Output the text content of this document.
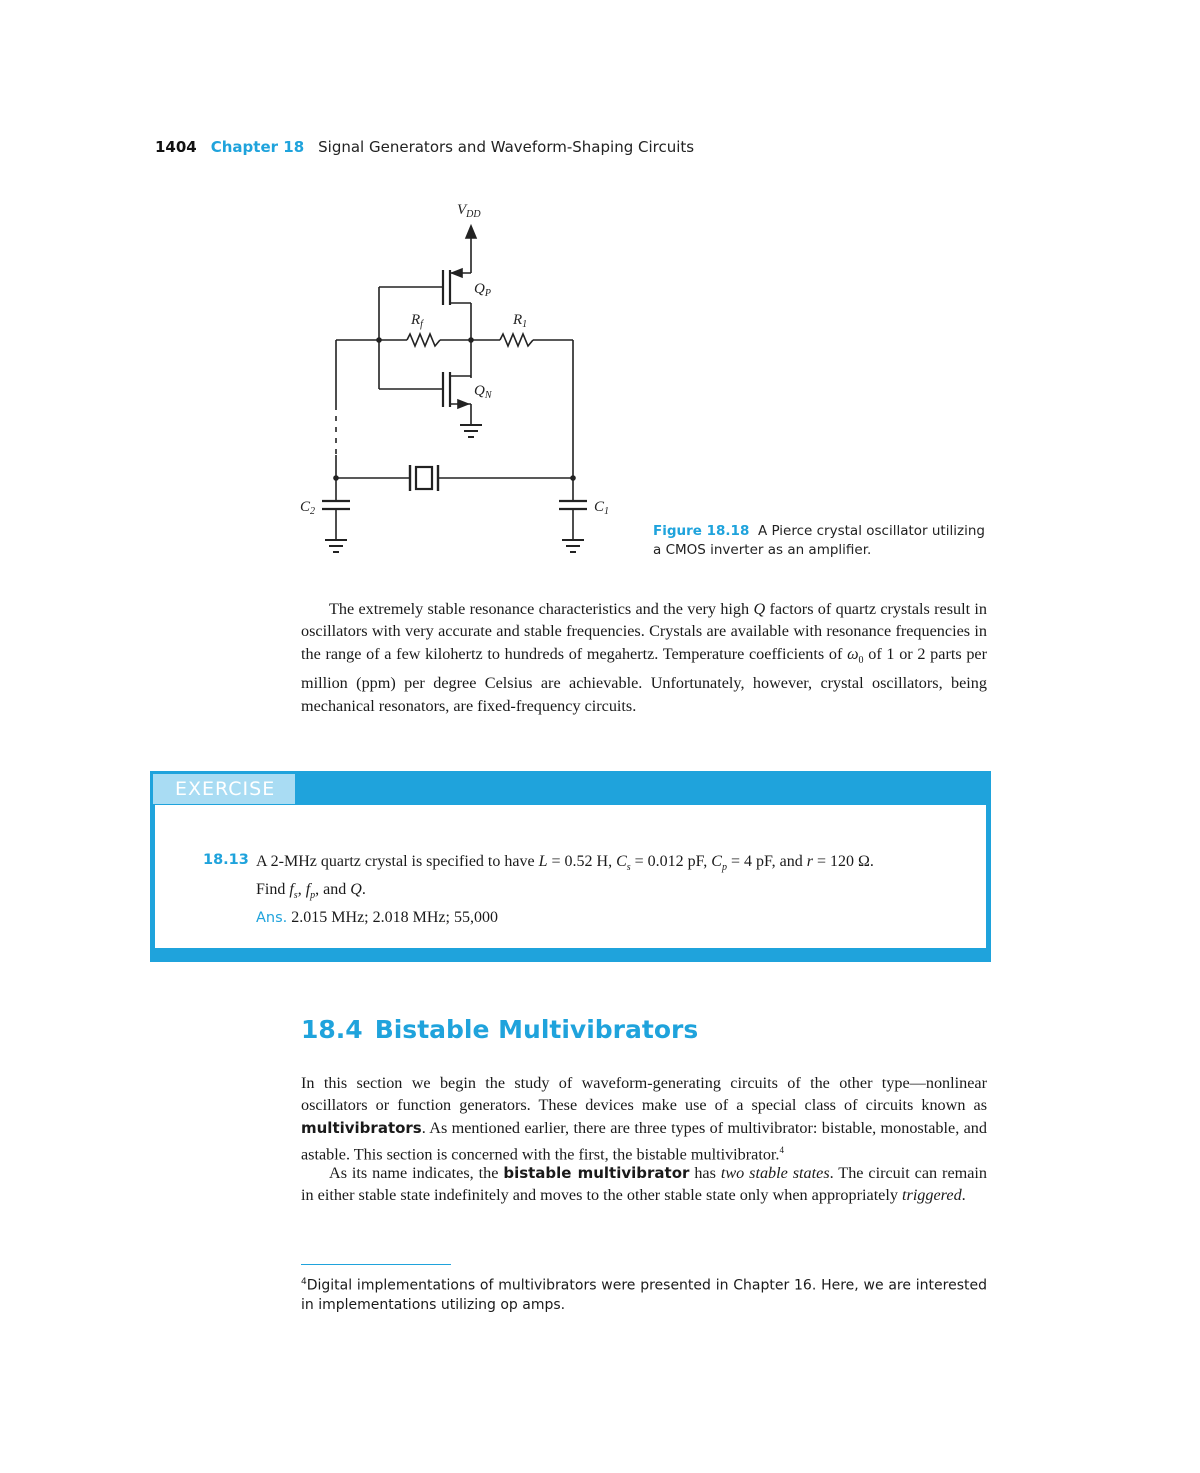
1404 Chapter 18 Signal Generators and Waveform-Shaping Circuits
$V_{DD}$
$Q_P$
$Q_N$
$R_f$	$R_1$
$C_2$	$C_1$
Figure 18.18 A Pierce crystal oscillator utilizing a CMOS inverter as an amplifier.
The extremely stable resonance characteristics and the very high Q factors of quartz crystals result in oscillators with very accurate and stable frequencies. Crystals are available with resonance frequencies in the range of a few kilohertz to hundreds of megahertz. Temperature coefficients of $\omega_0$ of 1 or 2 parts per million (ppm) per degree Celsius are achievable. Unfortunately, however, crystal oscillators, being mechanical resonators, are fixed-frequency circuits.
EXERCISE
18.13 A 2-MHz quartz crystal is specified to have L = 0.52 H, $C_s = 0.012$ pF, $C_p = 4$ pF, and r = 120 Ω.
Find $f_s$, $f_p$, and Q.
Ans. 2.015 MHz; 2.018 MHz; 55,000
18.4 Bistable Multivibrators
In this section we begin the study of waveform-generating circuits of the other type—nonlinear oscillators or function generators. These devices make use of a special class of circuits known as multivibrators. As mentioned earlier, there are three types of multivibrator: bistable, monostable, and astable. This section is concerned with the first, the bistable multivibrator.$^4$
As its name indicates, the bistable multivibrator has two stable states. The circuit can remain in either stable state indefinitely and moves to the other stable state only when appropriately triggered.
$^4$Digital implementations of multivibrators were presented in Chapter 16. Here, we are interested in implementations utilizing op amps.
